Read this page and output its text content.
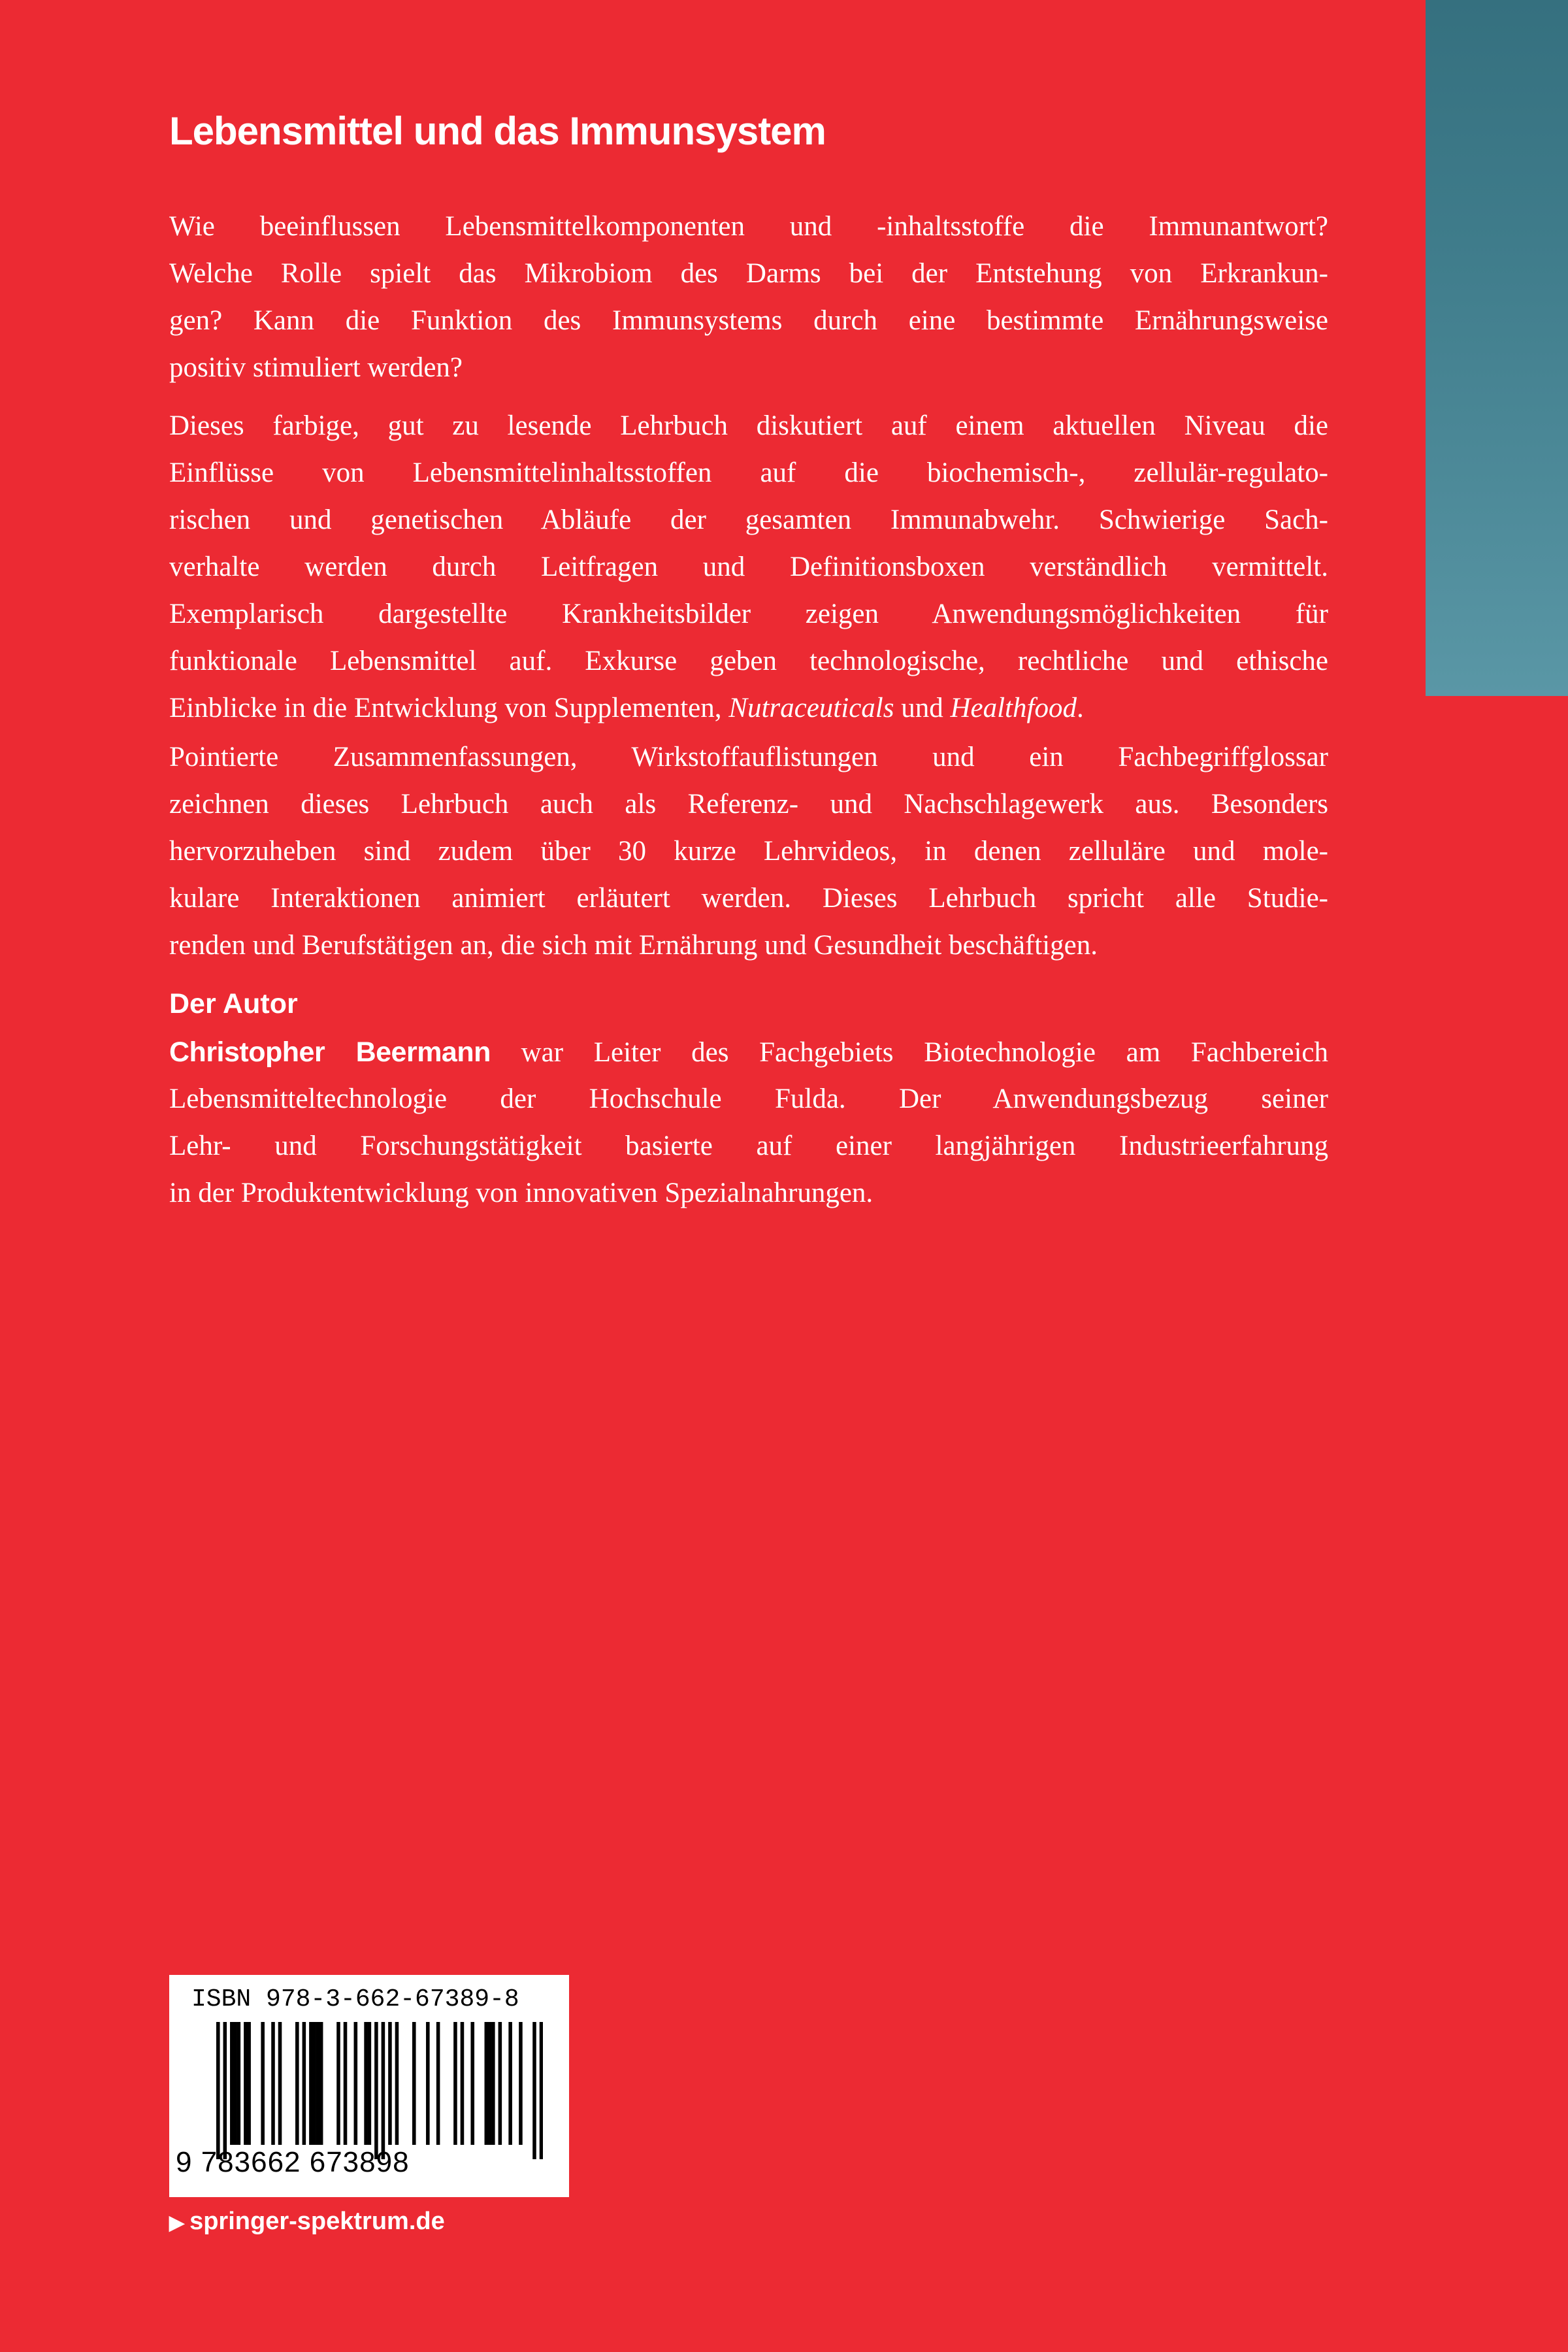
Lebensmittel und das Immunsystem
Wie beeinflussen Lebensmittelkomponenten und -inhaltsstoffe die Immunantwort?
Welche Rolle spielt das Mikrobiom des Darms bei der Entstehung von Erkrankun-
gen? Kann die Funktion des Immunsystems durch eine bestimmte Ernährungsweise
positiv stimuliert werden?
Dieses farbige, gut zu lesende Lehrbuch diskutiert auf einem aktuellen Niveau die
Einflüsse von Lebensmittelinhaltsstoffen auf die biochemisch-, zellulär-regulato-
rischen und genetischen Abläufe der gesamten Immunabwehr. Schwierige Sach-
verhalte werden durch Leitfragen und Definitionsboxen verständlich vermittelt.
Exemplarisch dargestellte Krankheitsbilder zeigen Anwendungsmöglichkeiten für
funktionale Lebensmittel auf. Exkurse geben technologische, rechtliche und ethische
Einblicke in die Entwicklung von Supplementen, Nutraceuticals und Healthfood.
Pointierte Zusammenfassungen, Wirkstoffauflistungen und ein Fachbegriffglossar
zeichnen dieses Lehrbuch auch als Referenz- und Nachschlagewerk aus. Besonders
hervorzuheben sind zudem über 30 kurze Lehrvideos, in denen zelluläre und mole-
kulare Interaktionen animiert erläutert werden. Dieses Lehrbuch spricht alle Studie-
renden und Berufstätigen an, die sich mit Ernährung und Gesundheit beschäftigen.
Der Autor
Christopher Beermann war Leiter des Fachgebiets Biotechnologie am Fachbereich
Lebensmitteltechnologie der Hochschule Fulda. Der Anwendungsbezug seiner
Lehr- und Forschungstätigkeit basierte auf einer langjährigen Industrieerfahrung
in der Produktentwicklung von innovativen Spezialnahrungen.
ISBN 978-3-662-67389-8
9 783662 673898
▶ springer-spektrum.de
